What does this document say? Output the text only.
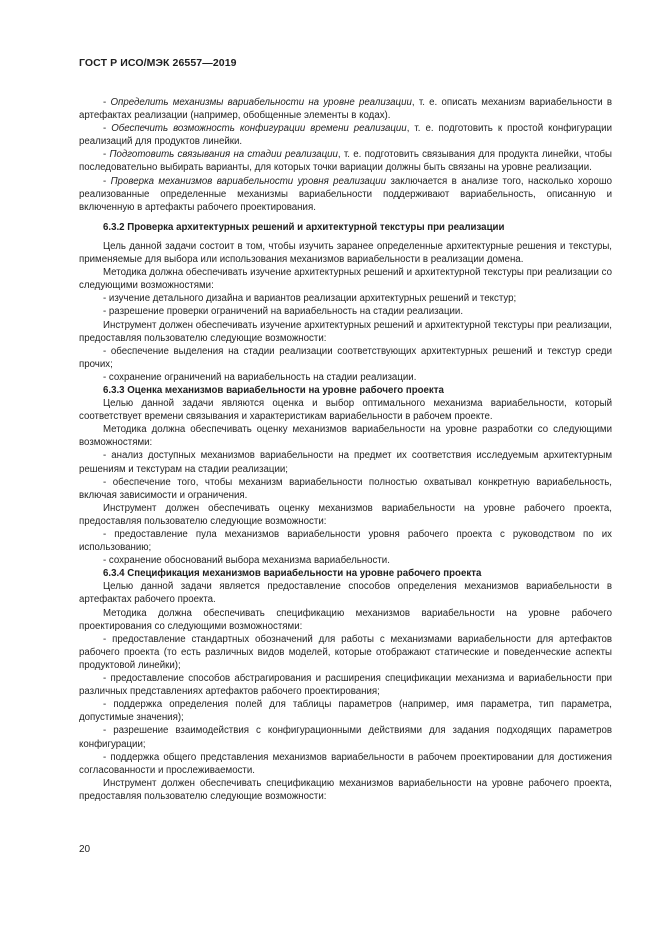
ГОСТ Р ИСО/МЭК 26557—2019

- Определить механизмы вариабельности на уровне реализации, т. е. описать механизм вариабельности в артефактах реализации (например, обобщенные элементы в кодах).

- Обеспечить возможность конфигурации времени реализации, т. е. подготовить к простой конфигурации реализаций для продуктов линейки.

- Подготовить связывания на стадии реализации, т. е. подготовить связывания для продукта линейки, чтобы последовательно выбирать варианты, для которых точки вариации должны быть связаны на уровне реализации.

- Проверка механизмов вариабельности уровня реализации заключается в анализе того, насколько хорошо реализованные определенные механизмы вариабельности поддерживают вариабельность, описанную и включенную в артефакты рабочего проектирования.

6.3.2 Проверка архитектурных решений и архитектурной текстуры при реализации

Цель данной задачи состоит в том, чтобы изучить заранее определенные архитектурные решения и текстуры, применяемые для выбора или использования механизмов вариабельности в реализации домена.

Методика должна обеспечивать изучение архитектурных решений и архитектурной текстуры при реализации со следующими возможностями:

- изучение детального дизайна и вариантов реализации архитектурных решений и текстур;

- разрешение проверки ограничений на вариабельность на стадии реализации.

Инструмент должен обеспечивать изучение архитектурных решений и архитектурной текстуры при реализации, предоставляя пользователю следующие возможности:

- обеспечение выделения на стадии реализации соответствующих архитектурных решений и текстур среди прочих;

- сохранение ограничений на вариабельность на стадии реализации.

6.3.3 Оценка механизмов вариабельности на уровне рабочего проекта

Целью данной задачи являются оценка и выбор оптимального механизма вариабельности, который соответствует времени связывания и характеристикам вариабельности в рабочем проекте.

Методика должна обеспечивать оценку механизмов вариабельности на уровне разработки со следующими возможностями:

- анализ доступных механизмов вариабельности на предмет их соответствия исследуемым архитектурным решениям и текстурам на стадии реализации;

- обеспечение того, чтобы механизм вариабельности полностью охватывал конкретную вариабельность, включая зависимости и ограничения.

Инструмент должен обеспечивать оценку механизмов вариабельности на уровне рабочего проекта, предоставляя пользователю следующие возможности:

- предоставление пула механизмов вариабельности уровня рабочего проекта с руководством по их использованию;

- сохранение обоснований выбора механизма вариабельности.

6.3.4 Спецификация механизмов вариабельности на уровне рабочего проекта

Целью данной задачи является предоставление способов определения механизмов вариабельности в артефактах рабочего проекта.

Методика должна обеспечивать спецификацию механизмов вариабельности на уровне рабочего проектирования со следующими возможностями:

- предоставление стандартных обозначений для работы с механизмами вариабельности для артефактов рабочего проекта (то есть различных видов моделей, которые отображают статические и поведенческие аспекты продуктовой линейки);

- предоставление способов абстрагирования и расширения спецификации механизма и вариабельности при различных представлениях артефактов рабочего проектирования;

- поддержка определения полей для таблицы параметров (например, имя параметра, тип параметра, допустимые значения);

- разрешение взаимодействия с конфигурационными действиями для задания подходящих параметров конфигурации;

- поддержка общего представления механизмов вариабельности в рабочем проектировании для достижения согласованности и прослеживаемости.

Инструмент должен обеспечивать спецификацию механизмов вариабельности на уровне рабочего проекта, предоставляя пользователю следующие возможности:

20
